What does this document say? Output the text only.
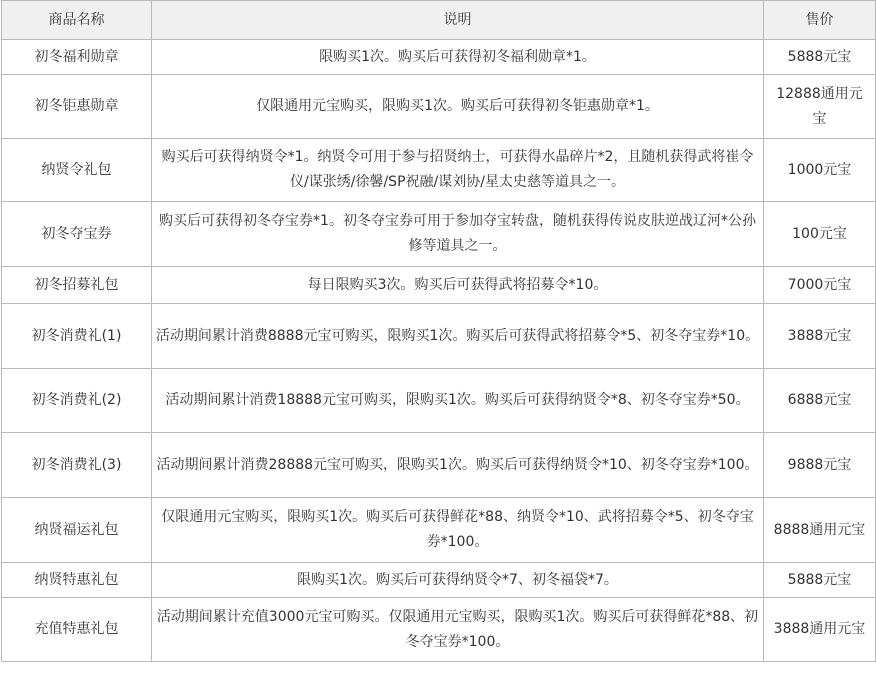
商品名称	说明	售价
初冬福利勋章	限购买1次。购买后可获得初冬福利勋章*1。	5888元宝
初冬钜惠勋章	仅限通用元宝购买，限购买1次。购买后可获得初冬钜惠勋章*1。	12888通用元宝
纳贤令礼包	购买后可获得纳贤令*1。纳贤令可用于参与招贤纳士，可获得水晶碎片*2，且随机获得武将崔令仪/谋张绣/徐馨/SP祝融/谋刘协/星太史慈等道具之一。	1000元宝
初冬夺宝券	购买后可获得初冬夺宝券*1。初冬夺宝券可用于参加夺宝转盘，随机获得传说皮肤逆战辽河*公孙修等道具之一。	100元宝
初冬招募礼包	每日限购买3次。购买后可获得武将招募令*10。	7000元宝
初冬消费礼(1)	活动期间累计消费8888元宝可购买，限购买1次。购买后可获得武将招募令*5、初冬夺宝券*10。	3888元宝
初冬消费礼(2)	活动期间累计消费18888元宝可购买，限购买1次。购买后可获得纳贤令*8、初冬夺宝券*50。	6888元宝
初冬消费礼(3)	活动期间累计消费28888元宝可购买，限购买1次。购买后可获得纳贤令*10、初冬夺宝券*100。	9888元宝
纳贤福运礼包	仅限通用元宝购买，限购买1次。购买后可获得鲜花*88、纳贤令*10、武将招募令*5、初冬夺宝券*100。	8888通用元宝
纳贤特惠礼包	限购买1次。购买后可获得纳贤令*7、初冬福袋*7。	5888元宝
充值特惠礼包	活动期间累计充值3000元宝可购买。仅限通用元宝购买，限购买1次。购买后可获得鲜花*88、初冬夺宝券*100。	3888通用元宝
